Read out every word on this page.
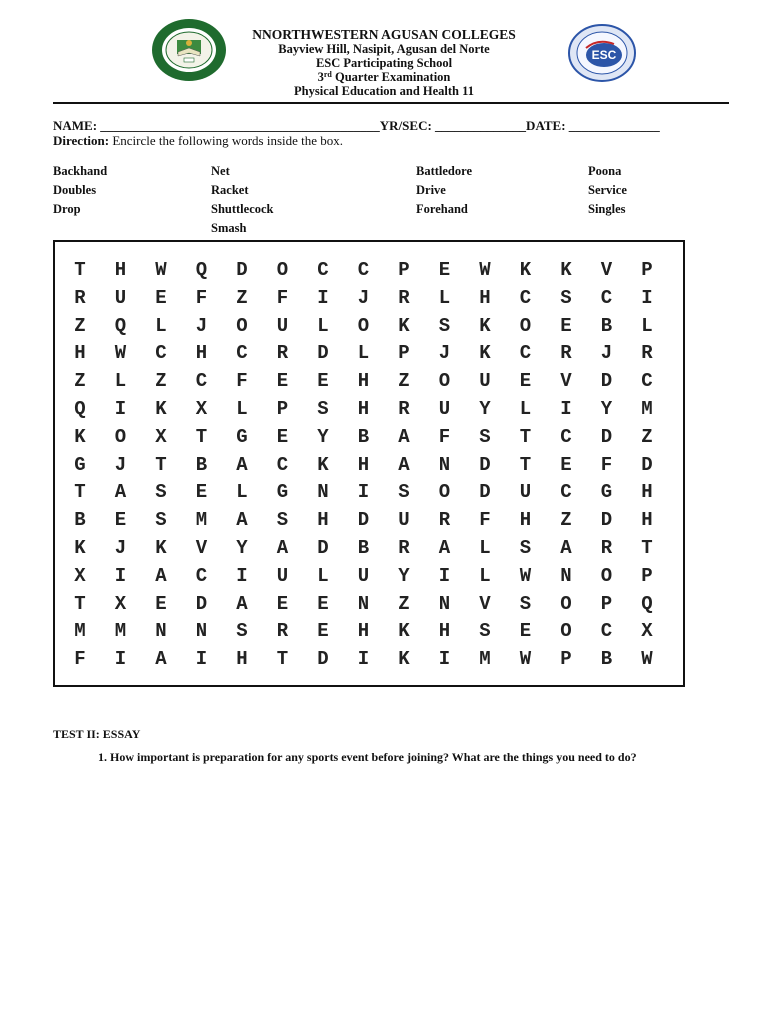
ESC
NNORTHWESTERN AGUSAN COLLEGES
Bayview Hill, Nasipit, Agusan del Norte
ESC Participating School
3rd Quarter Examination
Physical Education and Health 11
NAME: ___________________________________________YR/SEC: ______________DATE: ______________
Direction: Encircle the following words inside the box.
Backhand	Net	Battledore	Poona
Doubles	Racket	Drive	Service
Drop	Shuttlecock	Forehand	Singles
Smash
T	H	W	Q	D	O	C	C	P	E	W	K	K	V	P
R	U	E	F	Z	F	I	J	R	L	H	C	S	C	I
Z	Q	L	J	O	U	L	O	K	S	K	O	E	B	L
H	W	C	H	C	R	D	L	P	J	K	C	R	J	R
Z	L	Z	C	F	E	E	H	Z	O	U	E	V	D	C
Q	I	K	X	L	P	S	H	R	U	Y	L	I	Y	M
K	O	X	T	G	E	Y	B	A	F	S	T	C	D	Z
G	J	T	B	A	C	K	H	A	N	D	T	E	F	D
T	A	S	E	L	G	N	I	S	O	D	U	C	G	H
B	E	S	M	A	S	H	D	U	R	F	H	Z	D	H
K	J	K	V	Y	A	D	B	R	A	L	S	A	R	T
X	I	A	C	I	U	L	U	Y	I	L	W	N	O	P
T	X	E	D	A	E	E	N	Z	N	V	S	O	P	Q
M	M	N	N	S	R	E	H	K	H	S	E	O	C	X
F	I	A	I	H	T	D	I	K	I	M	W	P	B	W
TEST II: ESSAY
1. How important is preparation for any sports event before joining? What are the things you need to do?
